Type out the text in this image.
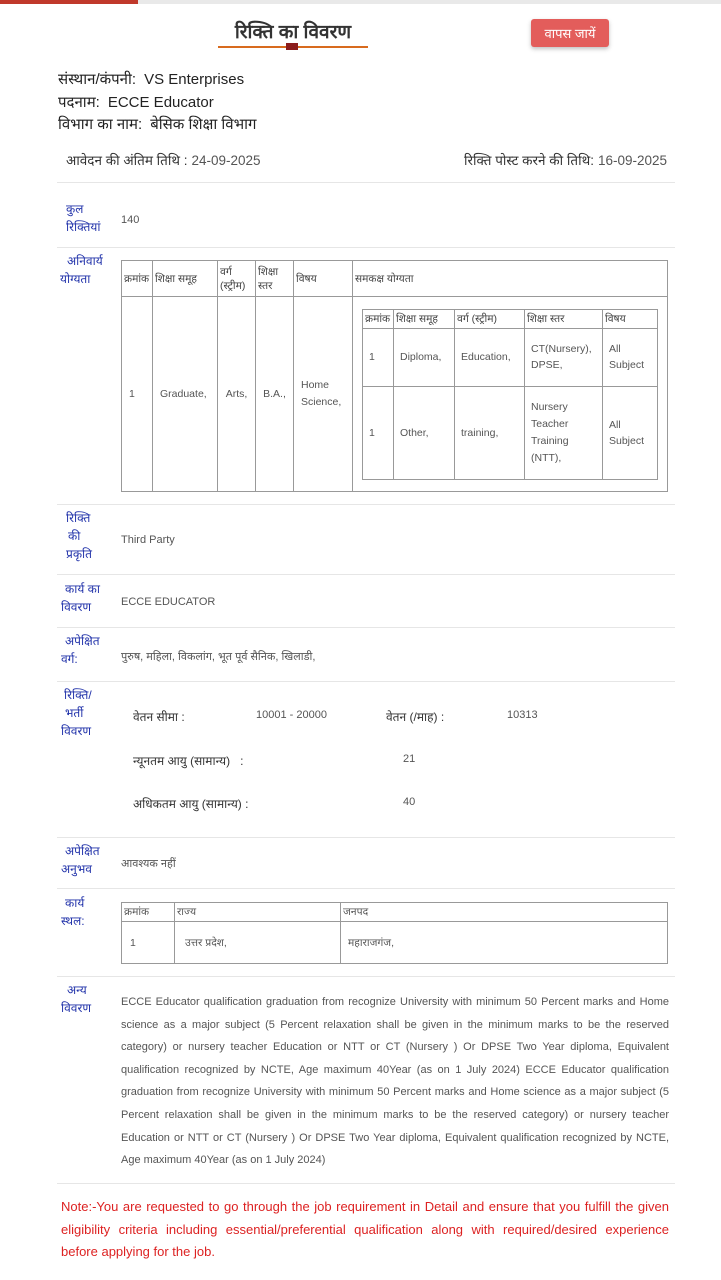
रिक्ति का विवरण	वापस जायें
संस्थान/कंपनी: VS Enterprises
पदनाम: ECCE Educator
विभाग का नाम: बेसिक शिक्षा विभाग
आवेदन की अंतिम तिथि : 24-09-2025	रिक्ति पोस्ट करने की तिथि: 16-09-2025
कुल
रिक्तियां	140
अनिवार्य
योग्यता	क्रमांक	शिक्षा समूह	वर्ग (स्ट्रीम)	शिक्षा स्तर	विषय	समकक्ष योग्यता
1	Graduate,	Arts,	B.A.,	Home Science,	
क्रमांक	शिक्षा समूह	वर्ग (स्ट्रीम)	शिक्षा स्तर	विषय
1	Diploma,	Education,	CT(Nursery), DPSE,	All Subject
1	Other,	training,	Nursery Teacher Training (NTT),	All Subject
रिक्ति
की
प्रकृति
Third Party
कार्य का
विवरण	ECCE EDUCATOR
अपेक्षित
वर्ग:	पुरुष, महिला, विकलांग, भूत पूर्व सैनिक, खिलाडी,
रिक्ति/
भर्ती
विवरण
वेतन सीमा :	10001 - 20000	वेतन (/माह) :	10313
न्यूनतम आयु (सामान्य)   :	21
अधिकतम आयु (सामान्य) :	40
अपेक्षित
अनुभव	आवश्यक नहीं
कार्य
स्थल:
क्रमांक	राज्य	जनपद
1	उत्तर प्रदेश,	महाराजगंज,
अन्य
विवरण	ECCE Educator qualification graduation from recognize University with minimum 50 Percent marks and Home science as a major subject (5 Percent relaxation shall be given in the minimum marks to be the reserved category) or nursery teacher Education or NTT or CT (Nursery ) Or DPSE Two Year diploma, Equivalent qualification recognized by NCTE, Age maximum 40Year (as on 1 July 2024) ECCE Educator qualification graduation from recognize University with minimum 50 Percent marks and Home science as a major subject (5 Percent relaxation shall be given in the minimum marks to be the reserved category) or nursery teacher Education or NTT or CT (Nursery ) Or DPSE Two Year diploma, Equivalent qualification recognized by NCTE, Age maximum 40Year (as on 1 July 2024)
Note:-You are requested to go through the job requirement in Detail and ensure that you fulfill the given eligibility criteria including essential/preferential qualification along with required/desired experience before applying for the job.
